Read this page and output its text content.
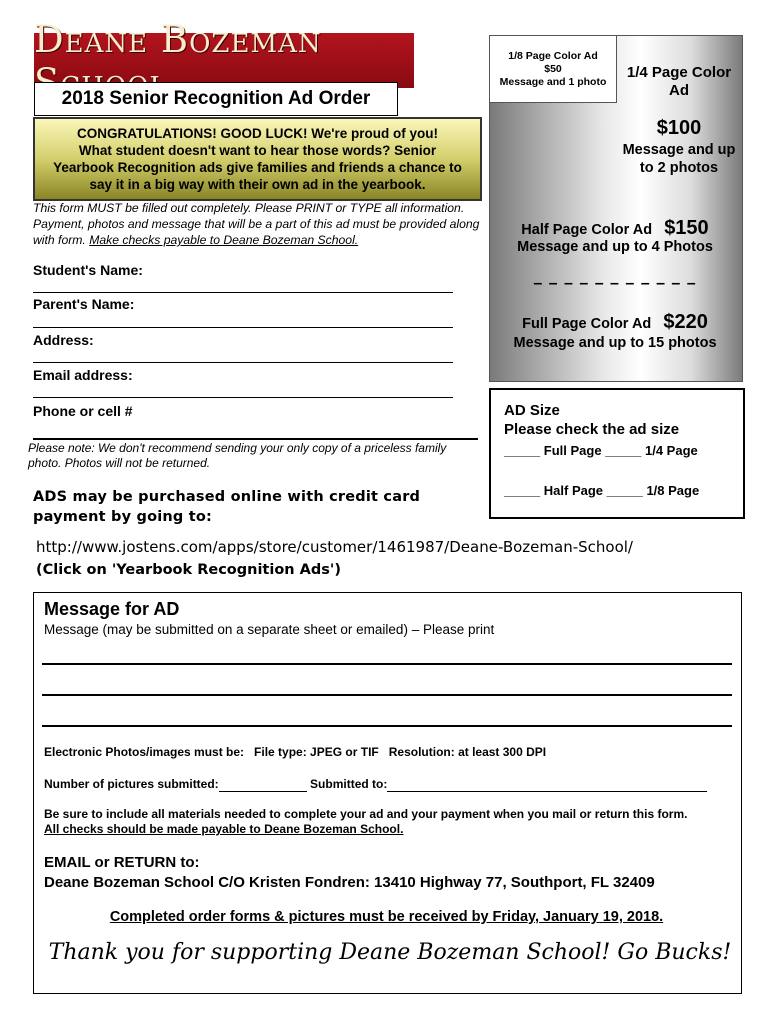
Deane Bozeman
2018 Senior Recognition Ad Order
CONGRATULATIONS! GOOD LUCK! We're proud of you!
What student doesn't want to hear those words? Senior
Yearbook Recognition ads give families and friends a chance to
say it in a big way with their own ad in the yearbook.
This form MUST be filled out completely. Please PRINT or TYPE all information. Payment, photos and message that will be a part of this ad must be provided along with form. Make checks payable to Deane Bozeman School.
Student's Name:
Parent's Name:
Address:
Email address:
Phone or cell #
Please note: We don't recommend sending your only copy of a priceless family photo. Photos will not be returned.
ADS may be purchased online with credit card payment by going to:
http://www.jostens.com/apps/store/customer/1461987/Deane-Bozeman-School/
(Click on 'Yearbook Recognition Ads')
1/8 Page Color Ad
$50
Message and 1 photo
1/4 Page Color Ad
$100
Message and up to 2 photos
Half Page Color Ad $150
Message and up to 4 Photos
– – – – – – – – – – –
Full Page Color Ad $220
Message and up to 15 photos
AD Size
Please check the ad size
_____ Full Page _____ 1/4 Page
_____ Half Page _____ 1/8 Page
Message for AD
Message (may be submitted on a separate sheet or emailed) – Please print
Electronic Photos/images must be:   File type: JPEG or TIF   Resolution: at least 300 DPI
Number of pictures submitted:	Submitted to:
Be sure to include all materials needed to complete your ad and your payment when you mail or return this form.
All checks should be made payable to Deane Bozeman School.
EMAIL or RETURN to:
Deane Bozeman School C/O Kristen Fondren: 13410 Highway 77, Southport, FL 32409
Completed order forms & pictures must be received by Friday, January 19, 2018.
Thank you for supporting Deane Bozeman School! Go Bucks!
